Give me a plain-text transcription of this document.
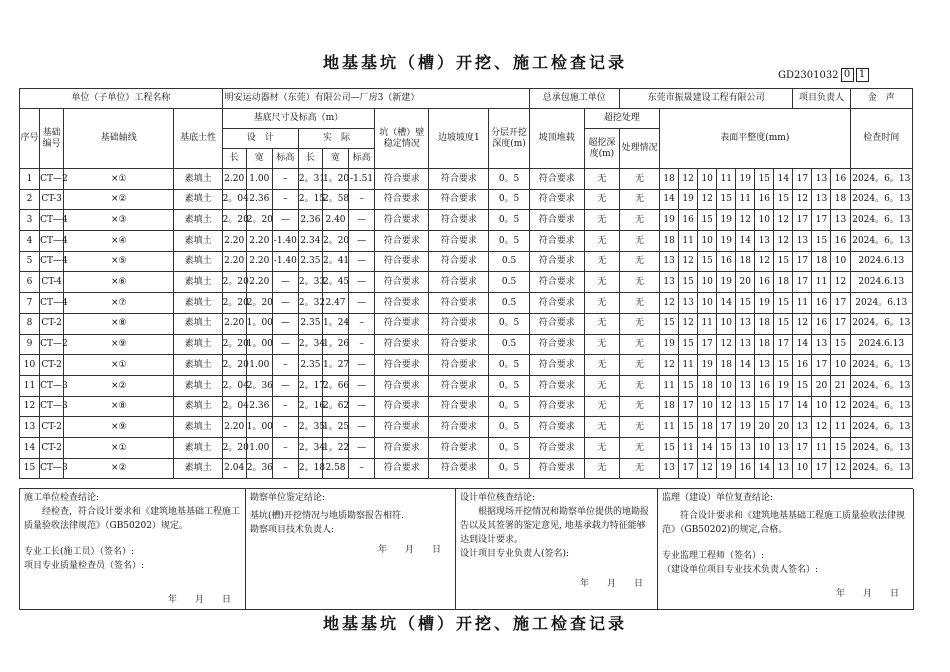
地基基坑（槽）开挖、施工检查记录
GD2301032 0 1
单位（子单位）工程名称				明安运动器材（东莞）有限公司—厂房3（新建）									总承包施工单位		东莞市振晟建设工程有限公司								项目负责人			金　声
序号	基础编号	基础轴线	基底土性	基底尺寸及标高（m）						坑（槽）壁稳定情况	边坡坡度1	分层开挖深度(m)	坡顶堆载	超挖处理		表面平整度(mm)										检查时间
				设　计			实　际							超挖深度(m)	处理情况											
				长	宽	标高	长	宽	标高																	
1	CT—2	×①	素填土	2.20	1.00	–	2。31	1。20	-1.51	符合要求	符合要求	0。5	符合要求	无	无	18	12	10	11	19	15	14	17	13	16	2024。6。13
2	CT-3	×②	素填土	2。04	2.36	–	2。15	2。58	–	符合要求	符合要求	0。5	符合要求	无	无	14	19	12	15	11	16	15	12	13	18	2024。6。13
3	CT—4	×③	素填土	2。20	2。20	—	2.36	2.40	—	符合要求	符合要求	0。5	符合要求	无	无	19	16	15	19	12	10	12	17	17	13	2024。6。13
4	CT—4	×④	素填土	2.20	2.20	-1.40	2.34	2。20	—	符合要求	符合要求	0。5	符合要求	无	无	18	11	10	19	14	13	12	13	15	16	2024。6。13
5	CT—4	×⑤	素填土	2.20	2.20	-1.40	2.35	2。41	—	符合要求	符合要求	0.5	符合要求	无	无	13	12	15	16	18	12	15	17	18	10	2024.6.13
6	CT-4	×⑥	素填土	2。20	2.20	—	2。33	2。45	—	符合要求	符合要求	0.5	符合要求	无	无	13	15	10	19	20	16	18	17	11	12	2024.6.13
7	CT—4	×⑦	素填土	2。20	2。20	—	2。32	2.47	—	符合要求	符合要求	0.5	符合要求	无	无	12	13	10	14	15	19	15	11	16	17	2024。6.13
8	CT-2	×⑧	素填土	2.20	1。00	—	2.35	1。24	–	符合要求	符合要求	0。5	符合要求	无	无	15	12	11	10	13	18	15	12	16	17	2024。6。13
9	CT—2	×⑨	素填土	2。20	1。00	—	2。34	1。26	–	符合要求	符合要求	0.5	符合要求	无	无	19	15	17	12	13	18	17	14	13	15	2024.6.13
10	CT-2	×①	素填土	2。20	1.00	–	2.35	1。27	—	符合要求	符合要求	0。5	符合要求	无	无	12	11	19	18	14	13	15	16	17	10	2024。6。13
11	CT—3	×②	素填土	2。04	2。36	—	2。17	2。66	—	符合要求	符合要求	0。5	符合要求	无	无	11	15	18	10	13	16	19	15	20	21	2024。6。13
12	CT—3	×⑧	素填土	2。04	2.36	–	2。16	2。62	—	符合要求	符合要求	0。5	符合要求	无	无	18	17	10	12	13	15	17	14	10	12	2024。6。13
13	CT-2	×⑨	素填土	2.20	1。00	–	2。35	1。25	—	符合要求	符合要求	0。5	符合要求	无	无	11	15	18	17	19	20	20	13	12	11	2024。6。13
14	CT-2	×①	素填土	2。20	1.00	–	2。34	1。22	—	符合要求	符合要求	0。5	符合要求	无	无	15	11	14	15	13	10	13	17	11	15	2024。6。13
15	CT—3	×②	素填土	2.04	2。36	–	2。18	2.58	–	符合要求	符合要求	0。5	符合要求	无	无	13	17	12	19	16	14	13	10	17	12	2024。6。13
施工单位检查结论:
经检查，符合设计要求和《建筑地基基础工程施工质量验收法律规范》（GB50202）规定。
专业工长(施工员）（签名）:
项目专业质量检查员（签名）:
年　　月　　日
勘察单位鉴定结论:
基坑(槽)开挖情况与地质勘察报告相符.
勘察项目技术负责人:
年　　月　　日
设计单位核查结论:
根据现场开挖情况和勘察单位提供的地勘报告以及其签署的鉴定意见, 地基承载力特征能够达到设计要求。
设计项目专业负责人(签名):
年　　月　　日
监理（建设）单位复查结论:
符合设计要求和《建筑地基基础工程施工质量验收法律规范》（GB50202)的规定,合格。
专业监理工程师（签名）:
（建设单位项目专业技术负责人签名）:
年　　月　　日
地基基坑（槽）开挖、施工检查记录
